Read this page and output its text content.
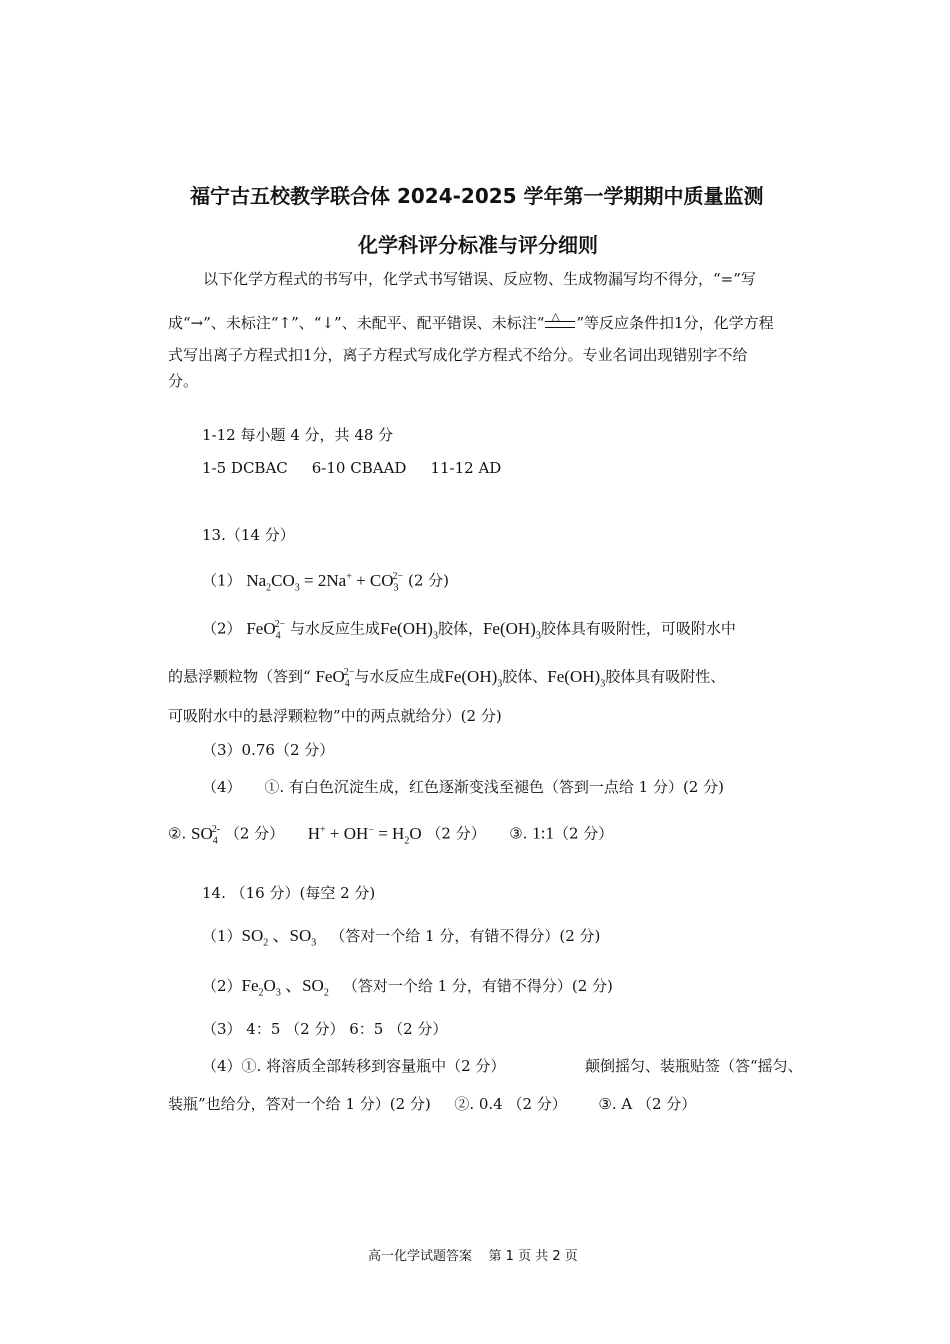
福宁古五校教学联合体 2024-2025 学年第一学期期中质量监测
化学科评分标准与评分细则
以下化学方程式的书写中，化学式书写错误、反应物、生成物漏写均不得分，“=”写
成“→”、未标注“↑”、“↓”、未配平、配平错误、未标注“ △ ”等反应条件扣1分，化学方程
式写出离子方程式扣1分，离子方程式写成化学方程式不给分。专业名词出现错别字不给
分。
1-12 每小题 4 分，共 48 分
1-5 DCBAC 6-10 CBAAD 11-12 AD
13.（14 分）
（1） $Na_2CO_3 = 2Na^+ + CO_3^{2-}$ (2 分)
（2） FeO$_4^{2-}$ 与水反应生成$Fe(OH)_3$胶体，$Fe(OH)_3$胶体具有吸附性，可吸附水中
的悬浮颗粒物（答到“ FeO$_4^{2-}$与水反应生成$Fe(OH)_3$胶体、$Fe(OH)_3$胶体具有吸附性、
可吸附水中的悬浮颗粒物”中的两点就给分）(2 分)
（3）0.76（2 分）
（4） ①. 有白色沉淀生成，红色逐渐变浅至褪色（答到一点给 1 分）(2 分)
②. $SO_4^{2-}$ （2 分） $H^+ + OH^- = H_2O$ （2 分） ③. 1:1（2 分）
14. （16 分）(每空 2 分)
$(1)SO_2$ 、$SO_3$ （答对一个给 1 分，有错不得分）(2 分)
$(2)Fe_2O_3$ 、$SO_2$ （答对一个给 1 分，有错不得分）(2 分)
（3） 4：5 （2 分） 6：5 （2 分）
（4）①. 将溶质全部转移到容量瓶中（2 分）	颠倒摇匀、装瓶贴签（答“摇匀、
装瓶”也给分，答对一个给 1 分）(2 分) ②. 0.4 （2 分） ③. A （2 分）
高一化学试题答案    第 1 页 共 2 页
